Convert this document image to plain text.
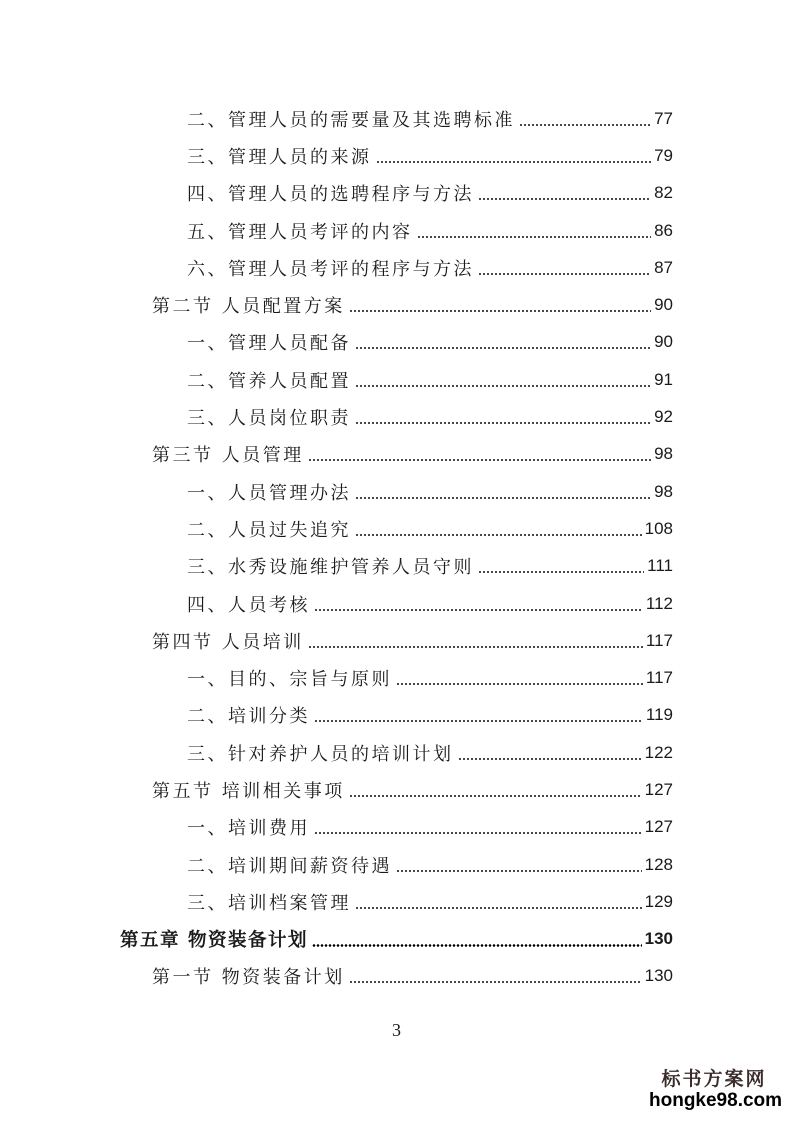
二、管理人员的需要量及其选聘标准	77
三、管理人员的来源	79
四、管理人员的选聘程序与方法	82
五、管理人员考评的内容	86
六、管理人员考评的程序与方法	87
第二节 人员配置方案	90
一、管理人员配备	90
二、管养人员配置	91
三、人员岗位职责	92
第三节 人员管理	98
一、人员管理办法	98
二、人员过失追究	108
三、水秀设施维护管养人员守则	111
四、人员考核	112
第四节 人员培训	117
一、目的、宗旨与原则	117
二、培训分类	119
三、针对养护人员的培训计划	122
第五节 培训相关事项	127
一、培训费用	127
二、培训期间薪资待遇	128
三、培训档案管理	129
第五章 物资装备计划	130
第一节 物资装备计划	130
3
标书方案网
hongke98.com
